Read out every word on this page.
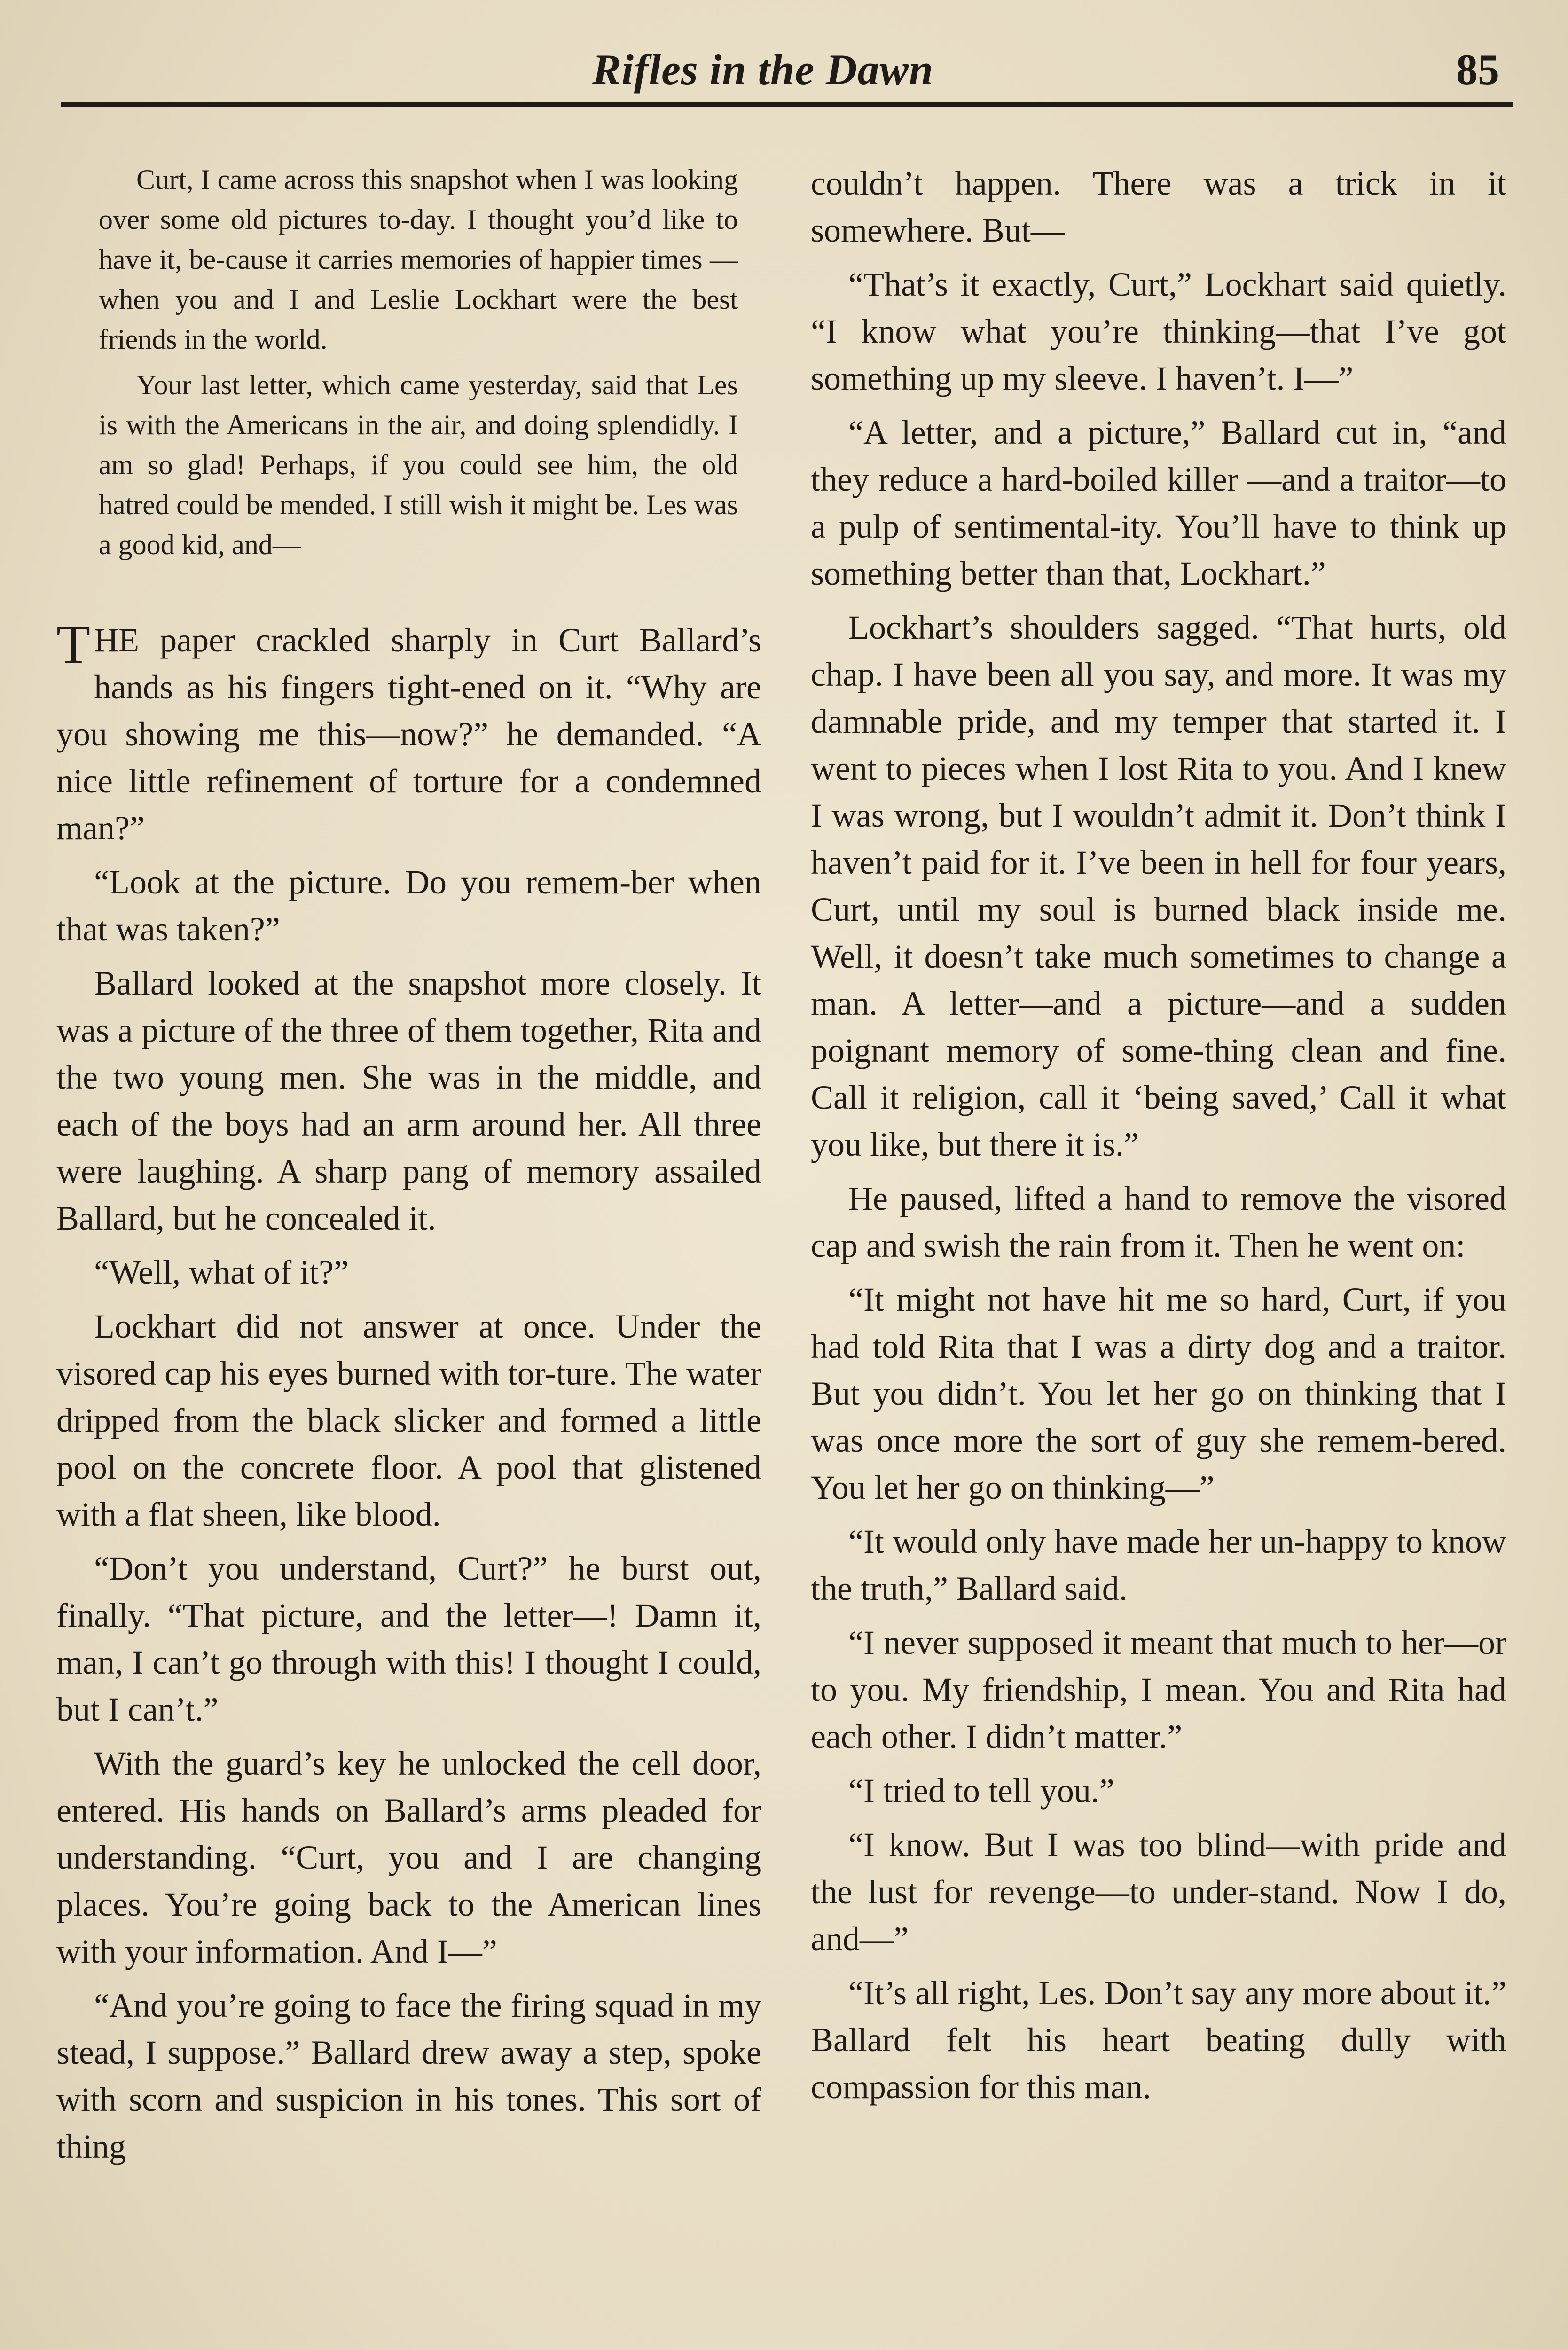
Rifles in the Dawn	85

Curt, I came across this snapshot when I was looking over some old pictures to-day. I thought you’d like to have it, be-cause it carries memories of happier times —when you and I and Leslie Lockhart were the best friends in the world.

Your last letter, which came yesterday, said that Les is with the Americans in the air, and doing splendidly. I am so glad! Perhaps, if you could see him, the old hatred could be mended. I still wish it might be. Les was a good kid, and—

THE paper crackled sharply in Curt Ballard’s hands as his fingers tight-ened on it. “Why are you showing me this—now?” he demanded. “A nice little refinement of torture for a condemned man?”

“Look at the picture. Do you remem-ber when that was taken?”

Ballard looked at the snapshot more closely. It was a picture of the three of them together, Rita and the two young men. She was in the middle, and each of the boys had an arm around her. All three were laughing. A sharp pang of memory assailed Ballard, but he concealed it.

“Well, what of it?”

Lockhart did not answer at once. Under the visored cap his eyes burned with tor-ture. The water dripped from the black slicker and formed a little pool on the concrete floor. A pool that glistened with a flat sheen, like blood.

“Don’t you understand, Curt?” he burst out, finally. “That picture, and the letter—! Damn it, man, I can’t go through with this! I thought I could, but I can’t.”

With the guard’s key he unlocked the cell door, entered. His hands on Ballard’s arms pleaded for understanding. “Curt, you and I are changing places. You’re going back to the American lines with your information. And I—”

“And you’re going to face the firing squad in my stead, I suppose.” Ballard drew away a step, spoke with scorn and suspicion in his tones. This sort of thing

couldn’t happen. There was a trick in it somewhere. But—

“That’s it exactly, Curt,” Lockhart said quietly. “I know what you’re thinking—that I’ve got something up my sleeve. I haven’t. I—”

“A letter, and a picture,” Ballard cut in, “and they reduce a hard-boiled killer —and a traitor—to a pulp of sentimental-ity. You’ll have to think up something better than that, Lockhart.”

Lockhart’s shoulders sagged. “That hurts, old chap. I have been all you say, and more. It was my damnable pride, and my temper that started it. I went to pieces when I lost Rita to you. And I knew I was wrong, but I wouldn’t admit it. Don’t think I haven’t paid for it. I’ve been in hell for four years, Curt, until my soul is burned black inside me. Well, it doesn’t take much sometimes to change a man. A letter—and a picture—and a sudden poignant memory of some-thing clean and fine. Call it religion, call it ‘being saved,’ Call it what you like, but there it is.”

He paused, lifted a hand to remove the visored cap and swish the rain from it. Then he went on:

“It might not have hit me so hard, Curt, if you had told Rita that I was a dirty dog and a traitor. But you didn’t. You let her go on thinking that I was once more the sort of guy she remem-bered. You let her go on thinking—”

“It would only have made her un-happy to know the truth,” Ballard said.

“I never supposed it meant that much to her—or to you. My friendship, I mean. You and Rita had each other. I didn’t matter.”

“I tried to tell you.”

“I know. But I was too blind—with pride and the lust for revenge—to under-stand. Now I do, and—”

“It’s all right, Les. Don’t say any more about it.” Ballard felt his heart beating dully with compassion for this man.
